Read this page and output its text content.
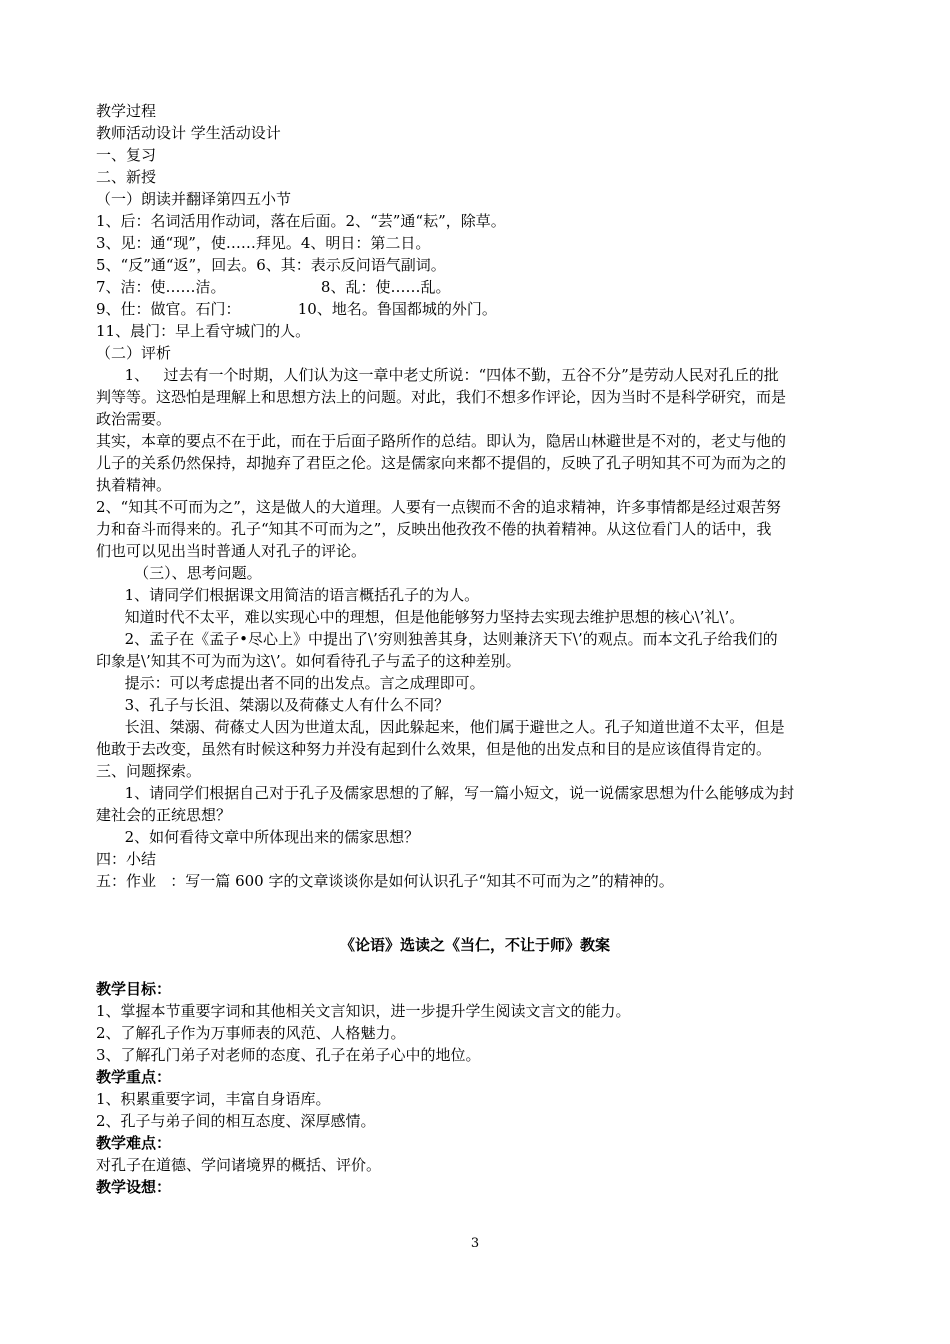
教学过程
教师活动设计 学生活动设计
一、复习
二、新授
（一）朗读并翻译第四五小节
1、后：名词活用作动词，落在后面。2、“芸”通“耘”，除草。
3、见：通“现”，使……拜见。4、明日：第二日。
5、“反”通“返”，回去。6、其：表示反问语气副词。
7、洁：使……洁。                    8、乱：使……乱。
9、仕：做官。石门：            10、地名。鲁国都城的外门。
11、晨门：早上看守城门的人。
（二）评析
1、   过去有一个时期，人们认为这一章中老丈所说：“四体不勤，五谷不分”是劳动人民对孔丘的批
判等等。这恐怕是理解上和思想方法上的问题。对此，我们不想多作评论，因为当时不是科学研究，而是
政治需要。
其实，本章的要点不在于此，而在于后面子路所作的总结。即认为，隐居山林避世是不对的，老丈与他的
儿子的关系仍然保持，却抛弃了君臣之伦。这是儒家向来都不提倡的，反映了孔子明知其不可为而为之的
执着精神。
2、“知其不可而为之”，这是做人的大道理。人要有一点锲而不舍的追求精神，许多事情都是经过艰苦努
力和奋斗而得来的。孔子“知其不可而为之”，反映出他孜孜不倦的执着精神。从这位看门人的话中，我
们也可以见出当时普通人对孔子的评论。
（三）、思考问题。
1、请同学们根据课文用简洁的语言概括孔子的为人。
知道时代不太平，难以实现心中的理想，但是他能够努力坚持去实现去维护思想的核心\’礼\’。
2、孟子在《孟子•尽心上》中提出了\’穷则独善其身，达则兼济天下\’的观点。而本文孔子给我们的
印象是\’知其不可为而为这\’。如何看待孔子与孟子的这种差别。
提示：可以考虑提出者不同的出发点。言之成理即可。
3、孔子与长沮、桀溺以及荷蓧丈人有什么不同？
长沮、桀溺、荷蓧丈人因为世道太乱，因此躲起来，他们属于避世之人。孔子知道世道不太平，但是
他敢于去改变，虽然有时候这种努力并没有起到什么效果，但是他的出发点和目的是应该值得肯定的。
三、问题探索。
1、请同学们根据自己对于孔子及儒家思想的了解，写一篇小短文，说一说儒家思想为什么能够成为封
建社会的正统思想？
2、如何看待文章中所体现出来的儒家思想？
四：小结
五：作业   ：写一篇 600 字的文章谈谈你是如何认识孔子“知其不可而为之”的精神的。
《论语》选读之《当仁，不让于师》教案
教学目标：
1、掌握本节重要字词和其他相关文言知识，进一步提升学生阅读文言文的能力。
2、了解孔子作为万事师表的风范、人格魅力。
3、了解孔门弟子对老师的态度、孔子在弟子心中的地位。
教学重点：
1、积累重要字词，丰富自身语库。
2、孔子与弟子间的相互态度、深厚感情。
教学难点：
对孔子在道德、学问诸境界的概括、评价。
教学设想：
3
